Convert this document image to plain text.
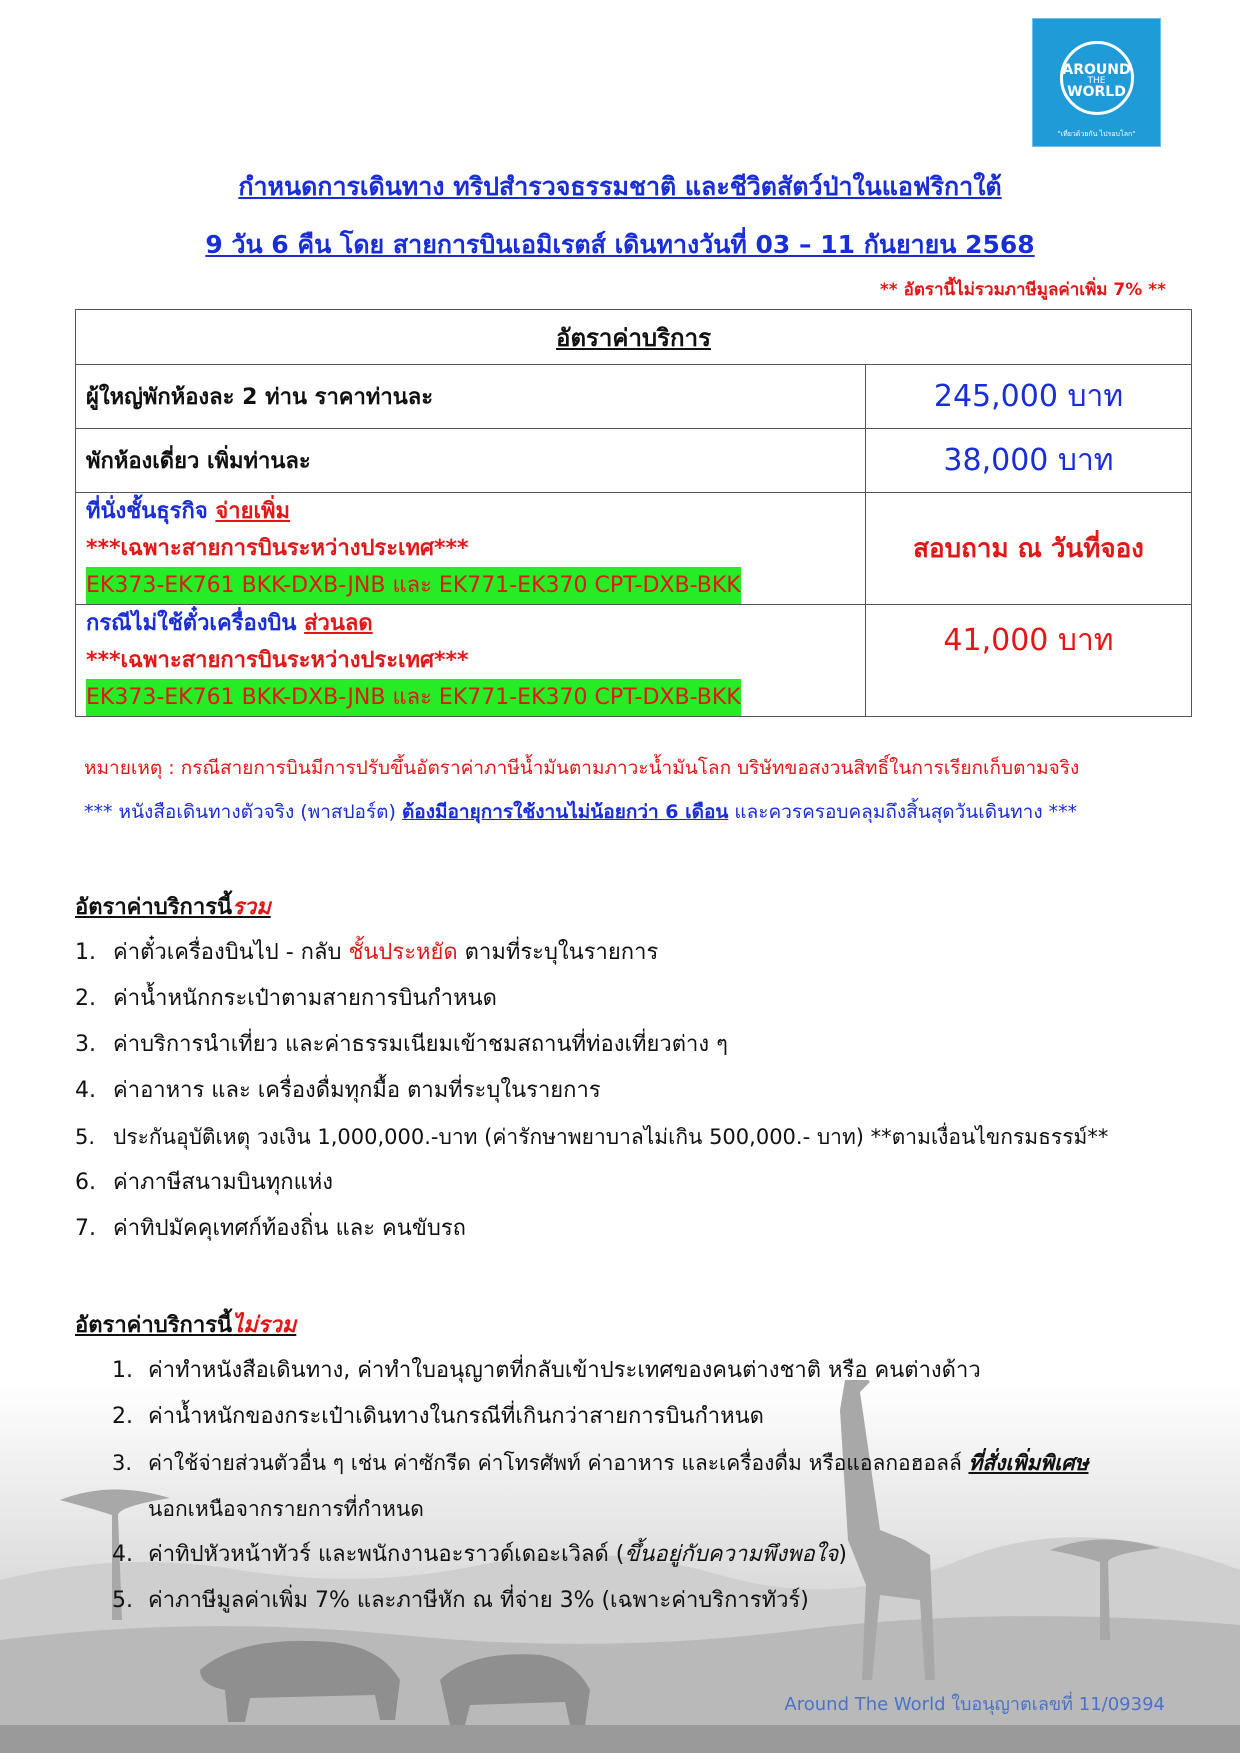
AROUND
THE
WORLD
"เที่ยวด้วยกัน ไปรอบโลก"
กำหนดการเดินทาง ทริปสำรวจธรรมชาติ และชีวิตสัตว์ป่าในแอฟริกาใต้
9 วัน 6 คืน โดย สายการบินเอมิเรตส์ เดินทางวันที่ 03 – 11 กันยายน 2568
** อัตรานี้ไม่รวมภาษีมูลค่าเพิ่ม 7% **
อัตราค่าบริการ	
ผู้ใหญ่พักห้องละ 2 ท่าน ราคาท่านละ	245,000 บาท
พักห้องเดี่ยว เพิ่มท่านละ	38,000 บาท

ที่นั่งชั้นธุรกิจ จ่ายเพิ่ม
***เฉพาะสายการบินระหว่างประเทศ***
EK373-EK761 BKK-DXB-JNB และ EK771-EK370 CPT-DXB-BKK	สอบถาม ณ วันที่จอง

กรณีไม่ใช้ตั๋วเครื่องบิน ส่วนลด
***เฉพาะสายการบินระหว่างประเทศ***
EK373-EK761 BKK-DXB-JNB และ EK771-EK370 CPT-DXB-BKK	41,000 บาท
หมายเหตุ : กรณีสายการบินมีการปรับขึ้นอัตราค่าภาษีน้ำมันตามภาวะน้ำมันโลก บริษัทขอสงวนสิทธิ์ในการเรียกเก็บตามจริง
*** หนังสือเดินทางตัวจริง (พาสปอร์ต) ต้องมีอายุการใช้งานไม่น้อยกว่า 6 เดือน และควรครอบคลุมถึงสิ้นสุดวันเดินทาง ***
อัตราค่าบริการนี้รวม
1. ค่าตั๋วเครื่องบินไป - กลับ ชั้นประหยัด ตามที่ระบุในรายการ
2. ค่าน้ำหนักกระเป๋าตามสายการบินกำหนด
3. ค่าบริการนำเที่ยว และค่าธรรมเนียมเข้าชมสถานที่ท่องเที่ยวต่าง ๆ
4. ค่าอาหาร และ เครื่องดื่มทุกมื้อ ตามที่ระบุในรายการ
5. ประกันอุบัติเหตุ วงเงิน 1,000,000.-บาท (ค่ารักษาพยาบาลไม่เกิน 500,000.- บาท) **ตามเงื่อนไขกรมธรรม์**
6. ค่าภาษีสนามบินทุกแห่ง
7. ค่าทิปมัคคุเทศก์ท้องถิ่น และ คนขับรถ
อัตราค่าบริการนี้ไม่รวม
1. ค่าทำหนังสือเดินทาง, ค่าทำใบอนุญาตที่กลับเข้าประเทศของคนต่างชาติ หรือ คนต่างด้าว
2. ค่าน้ำหนักของกระเป๋าเดินทางในกรณีที่เกินกว่าสายการบินกำหนด
3. ค่าใช้จ่ายส่วนตัวอื่น ๆ เช่น ค่าซักรีด ค่าโทรศัพท์ ค่าอาหาร และเครื่องดื่ม หรือแอลกอฮอลล์ ที่สั่งเพิ่มพิเศษ
นอกเหนือจากรายการที่กำหนด
4. ค่าทิปหัวหน้าทัวร์ และพนักงานอะราวด์เดอะเวิลด์ (ขึ้นอยู่กับความพึงพอใจ)
5. ค่าภาษีมูลค่าเพิ่ม 7% และภาษีหัก ณ ที่จ่าย 3% (เฉพาะค่าบริการทัวร์)
Around The World ใบอนุญาตเลขที่ 11/09394
